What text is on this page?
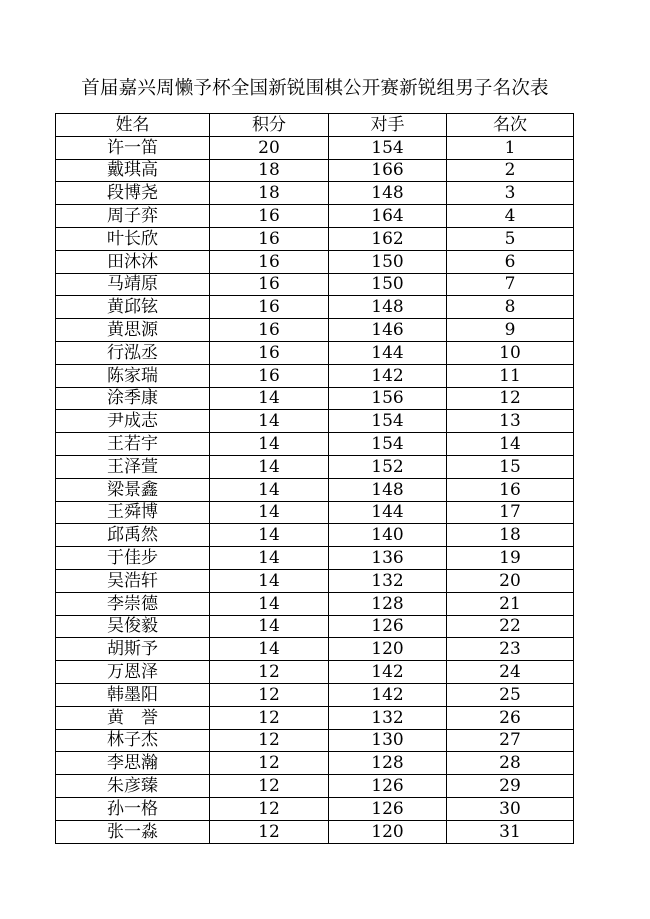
首届嘉兴周懒予杯全国新锐围棋公开赛新锐组男子名次表
姓名	积分	对手	名次
许一笛	20	154	1
戴琪高	18	166	2
段博尧	18	148	3
周子弈	16	164	4
叶长欣	16	162	5
田沐沐	16	150	6
马靖原	16	150	7
黄邱铉	16	148	8
黄思源	16	146	9
行泓丞	16	144	10
陈家瑞	16	142	11
涂季康	14	156	12
尹成志	14	154	13
王若宇	14	154	14
王泽萱	14	152	15
梁景鑫	14	148	16
王舜博	14	144	17
邱禹然	14	140	18
于佳步	14	136	19
吴浩轩	14	132	20
李崇德	14	128	21
吴俊毅	14	126	22
胡斯予	14	120	23
万恩泽	12	142	24
韩墨阳	12	142	25
黄　誉	12	132	26
林子杰	12	130	27
李思瀚	12	128	28
朱彦臻	12	126	29
孙一格	12	126	30
张一淼	12	120	31
